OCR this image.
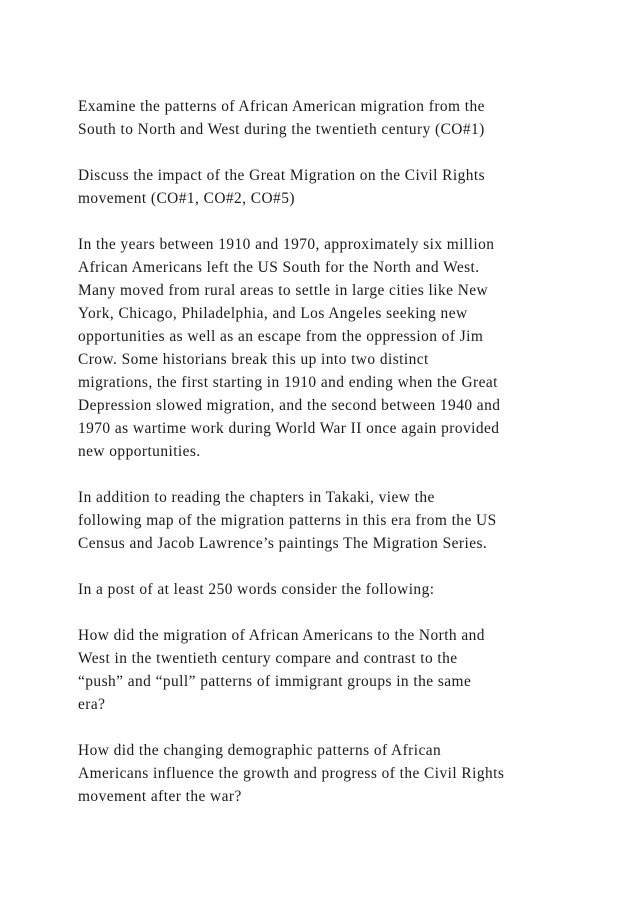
Examine the patterns of African American migration from the
South to North and West during the twentieth century (CO#1)

Discuss the impact of the Great Migration on the Civil Rights
movement (CO#1, CO#2, CO#5)

In the years between 1910 and 1970, approximately six million
African Americans left the US South for the North and West.
Many moved from rural areas to settle in large cities like New
York, Chicago, Philadelphia, and Los Angeles seeking new
opportunities as well as an escape from the oppression of Jim
Crow. Some historians break this up into two distinct
migrations, the first starting in 1910 and ending when the Great
Depression slowed migration, and the second between 1940 and
1970 as wartime work during World War II once again provided
new opportunities.

In addition to reading the chapters in Takaki, view the
following map of the migration patterns in this era from the US
Census and Jacob Lawrence’s paintings The Migration Series.

In a post of at least 250 words consider the following:

How did the migration of African Americans to the North and
West in the twentieth century compare and contrast to the
“push” and “pull” patterns of immigrant groups in the same
era?

How did the changing demographic patterns of African
Americans influence the growth and progress of the Civil Rights
movement after the war?
